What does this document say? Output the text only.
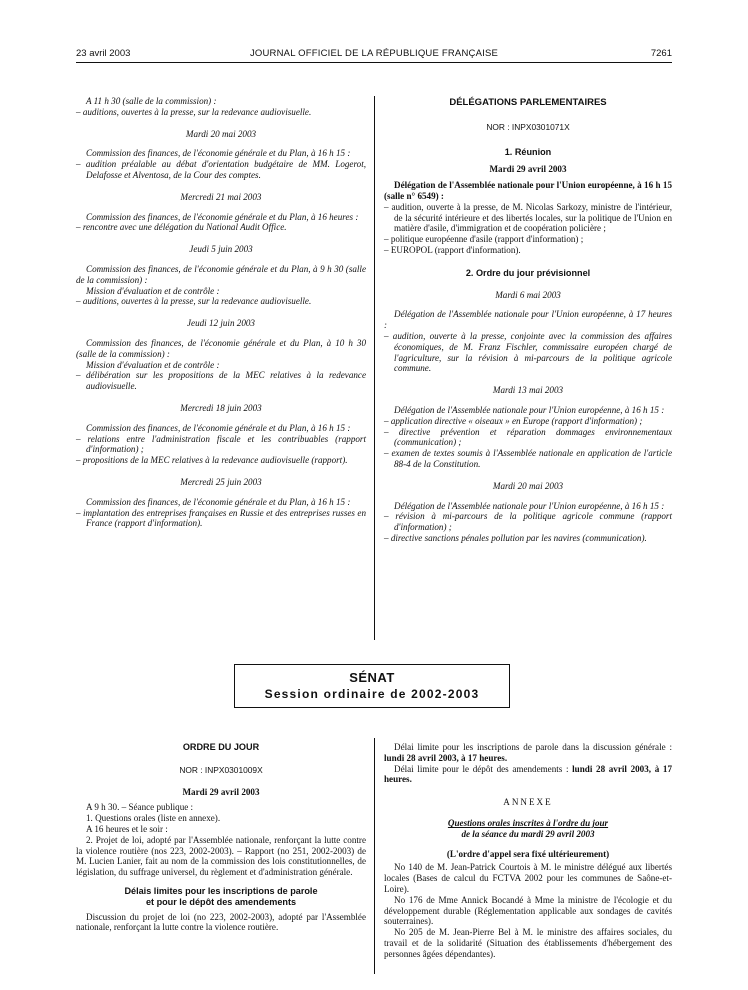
23 avril 2003	JOURNAL OFFICIEL DE LA RÉPUBLIQUE FRANÇAISE	7261

A 11 h 30 (salle de la commission) :

– auditions, ouvertes à la presse, sur la redevance audiovisuelle.

Mardi 20 mai 2003

Commission des finances, de l'économie générale et du Plan, à 16 h 15 :

– audition préalable au débat d'orientation budgétaire de MM. Logerot, Delafosse et Alventosa, de la Cour des comptes.

Mercredi 21 mai 2003

Commission des finances, de l'économie générale et du Plan, à 16 heures :

– rencontre avec une délégation du National Audit Office.

Jeudi 5 juin 2003

Commission des finances, de l'économie générale et du Plan, à 9 h 30 (salle de la commission) :

Mission d'évaluation et de contrôle :

– auditions, ouvertes à la presse, sur la redevance audiovisuelle.

Jeudi 12 juin 2003

Commission des finances, de l'économie générale et du Plan, à 10 h 30 (salle de la commission) :

Mission d'évaluation et de contrôle :

– délibération sur les propositions de la MEC relatives à la redevance audiovisuelle.

Mercredi 18 juin 2003

Commission des finances, de l'économie générale et du Plan, à 16 h 15 :

– relations entre l'administration fiscale et les contribuables (rapport d'information) ;

– propositions de la MEC relatives à la redevance audiovisuelle (rapport).

Mercredi 25 juin 2003

Commission des finances, de l'économie générale et du Plan, à 16 h 15 :

– implantation des entreprises françaises en Russie et des entreprises russes en France (rapport d'information).

DÉLÉGATIONS PARLEMENTAIRES

NOR : INPX0301071X

1. Réunion

Mardi 29 avril 2003

Délégation de l'Assemblée nationale pour l'Union européenne, à 16 h 15 (salle n° 6549) :

– audition, ouverte à la presse, de M. Nicolas Sarkozy, ministre de l'intérieur, de la sécurité intérieure et des libertés locales, sur la politique de l'Union en matière d'asile, d'immigration et de coopération policière ;

– politique européenne d'asile (rapport d'information) ;

– EUROPOL (rapport d'information).

2. Ordre du jour prévisionnel

Mardi 6 mai 2003

Délégation de l'Assemblée nationale pour l'Union européenne, à 17 heures :

– audition, ouverte à la presse, conjointe avec la commission des affaires économiques, de M. Franz Fischler, commissaire européen chargé de l'agriculture, sur la révision à mi-parcours de la politique agricole commune.

Mardi 13 mai 2003

Délégation de l'Assemblée nationale pour l'Union européenne, à 16 h 15 :

– application directive « oiseaux » en Europe (rapport d'information) ;

– directive prévention et réparation dommages environnementaux (communication) ;

– examen de textes soumis à l'Assemblée nationale en application de l'article 88-4 de la Constitution.

Mardi 20 mai 2003

Délégation de l'Assemblée nationale pour l'Union européenne, à 16 h 15 :

– révision à mi-parcours de la politique agricole commune (rapport d'information) ;

– directive sanctions pénales pollution par les navires (communication).

SÉNAT
Session ordinaire de 2002-2003

ORDRE DU JOUR

NOR : INPX0301009X

Mardi 29 avril 2003

A 9 h 30. – Séance publique :

1. Questions orales (liste en annexe).

A 16 heures et le soir :

2. Projet de loi, adopté par l'Assemblée nationale, renforçant la lutte contre la violence routière (nos 223, 2002-2003). – Rapport (no 251, 2002-2003) de M. Lucien Lanier, fait au nom de la commission des lois constitutionnelles, de législation, du suffrage universel, du règlement et d'administration générale.

Délais limites pour les inscriptions de parole

et pour le dépôt des amendements

Discussion du projet de loi (no 223, 2002-2003), adopté par l'Assemblée nationale, renforçant la lutte contre la violence routière.

Délai limite pour les inscriptions de parole dans la discussion générale : lundi 28 avril 2003, à 17 heures.

Délai limite pour le dépôt des amendements : lundi 28 avril 2003, à 17 heures.

ANNEXE

Questions orales inscrites à l'ordre du jour

de la séance du mardi 29 avril 2003

(L'ordre d'appel sera fixé ultérieurement)

No 140 de M. Jean-Patrick Courtois à M. le ministre délégué aux libertés locales (Bases de calcul du FCTVA 2002 pour les communes de Saône-et-Loire).

No 176 de Mme Annick Bocandé à Mme la ministre de l'écologie et du développement durable (Réglementation applicable aux sondages de cavités souterraines).

No 205 de M. Jean-Pierre Bel à M. le ministre des affaires sociales, du travail et de la solidarité (Situation des établissements d'hébergement des personnes âgées dépendantes).
